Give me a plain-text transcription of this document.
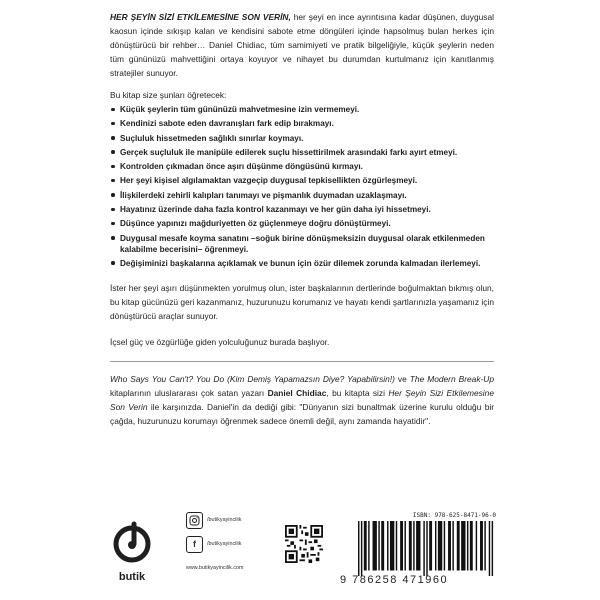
HER ŞEYİN SİZİ ETKİLEMESİNE SON VERİN, her şeyi en ince ayrıntısına kadar düşünen, duygusal kaosun içinde sıkışıp kalan ve kendisini sabote etme döngüleri içinde hapsolmuş bulan herkes için dönüştürücü bir rehber… Daniel Chidiac, tüm samimiyeti ve pratik bilgeliğiyle, küçük şeylerin neden tüm gününüzü mahvettiğini ortaya koyuyor ve nihayet bu durumdan kurtulmanız için kanıtlanmış stratejiler sunuyor.

Bu kitap size şunları öğretecek:
Küçük şeylerin tüm gününüzü mahvetmesine izin vermemeyi.
Kendinizi sabote eden davranışları fark edip bırakmayı.
Suçluluk hissetmeden sağlıklı sınırlar koymayı.
Gerçek suçluluk ile manipüle edilerek suçlu hissettirilmek arasındaki farkı ayırt etmeyi.
Kontrolden çıkmadan önce aşırı düşünme döngüsünü kırmayı.
Her şeyi kişisel algılamaktan vazgeçip duygusal tepkisellikten özgürleşmeyi.
İlişkilerdeki zehirli kalıpları tanımayı ve pişmanlık duymadan uzaklaşmayı.
Hayatınız üzerinde daha fazla kontrol kazanmayı ve her gün daha iyi hissetmeyi.
Düşünce yapınızı mağduriyetten öz güçlenmeye doğru dönüştürmeyi.
Duygusal mesafe koyma sanatını –soğuk birine dönüşmeksizin duygusal olarak etkilenmeden kalabilme becerisini– öğrenmeyi.
Değişiminizi başkalarına açıklamak ve bunun için özür dilemek zorunda kalmadan ilerlemeyi.

İster her şeyi aşırı düşünmekten yorulmuş olun, ister başkalarının dertlerinde boğulmaktan bıkmış olun, bu kitap gücünüzü geri kazanmanız, huzurunuzu korumanız ve hayatı kendi şartlarınızla yaşamanız için dönüştürücü araçlar sunuyor.

İçsel güç ve özgürlüğe giden yolculuğunuz burada başlıyor.

Who Says You Can't? You Do (Kim Demiş Yapamazsın Diye? Yapabilirsin!) ve The Modern Break-Up kitaplarının uluslararası çok satan yazarı Daniel Chidiac, bu kitapta sizi Her Şeyin Sizi Etkilemesine Son Verin ile karşınızda. Daniel'in da dediği gibi: "Dünyanın sizi bunaltmak üzerine kurulu olduğu bir çağda, huzurunuzu korumayı öğrenmek sadece önemli değil, aynı zamanda hayatidir".

butik
/butikyayincilik
f	/butikyayincilik
www.butikyayincilik.com
ISBN: 978-625-8471-96-0
9 786258 471960
